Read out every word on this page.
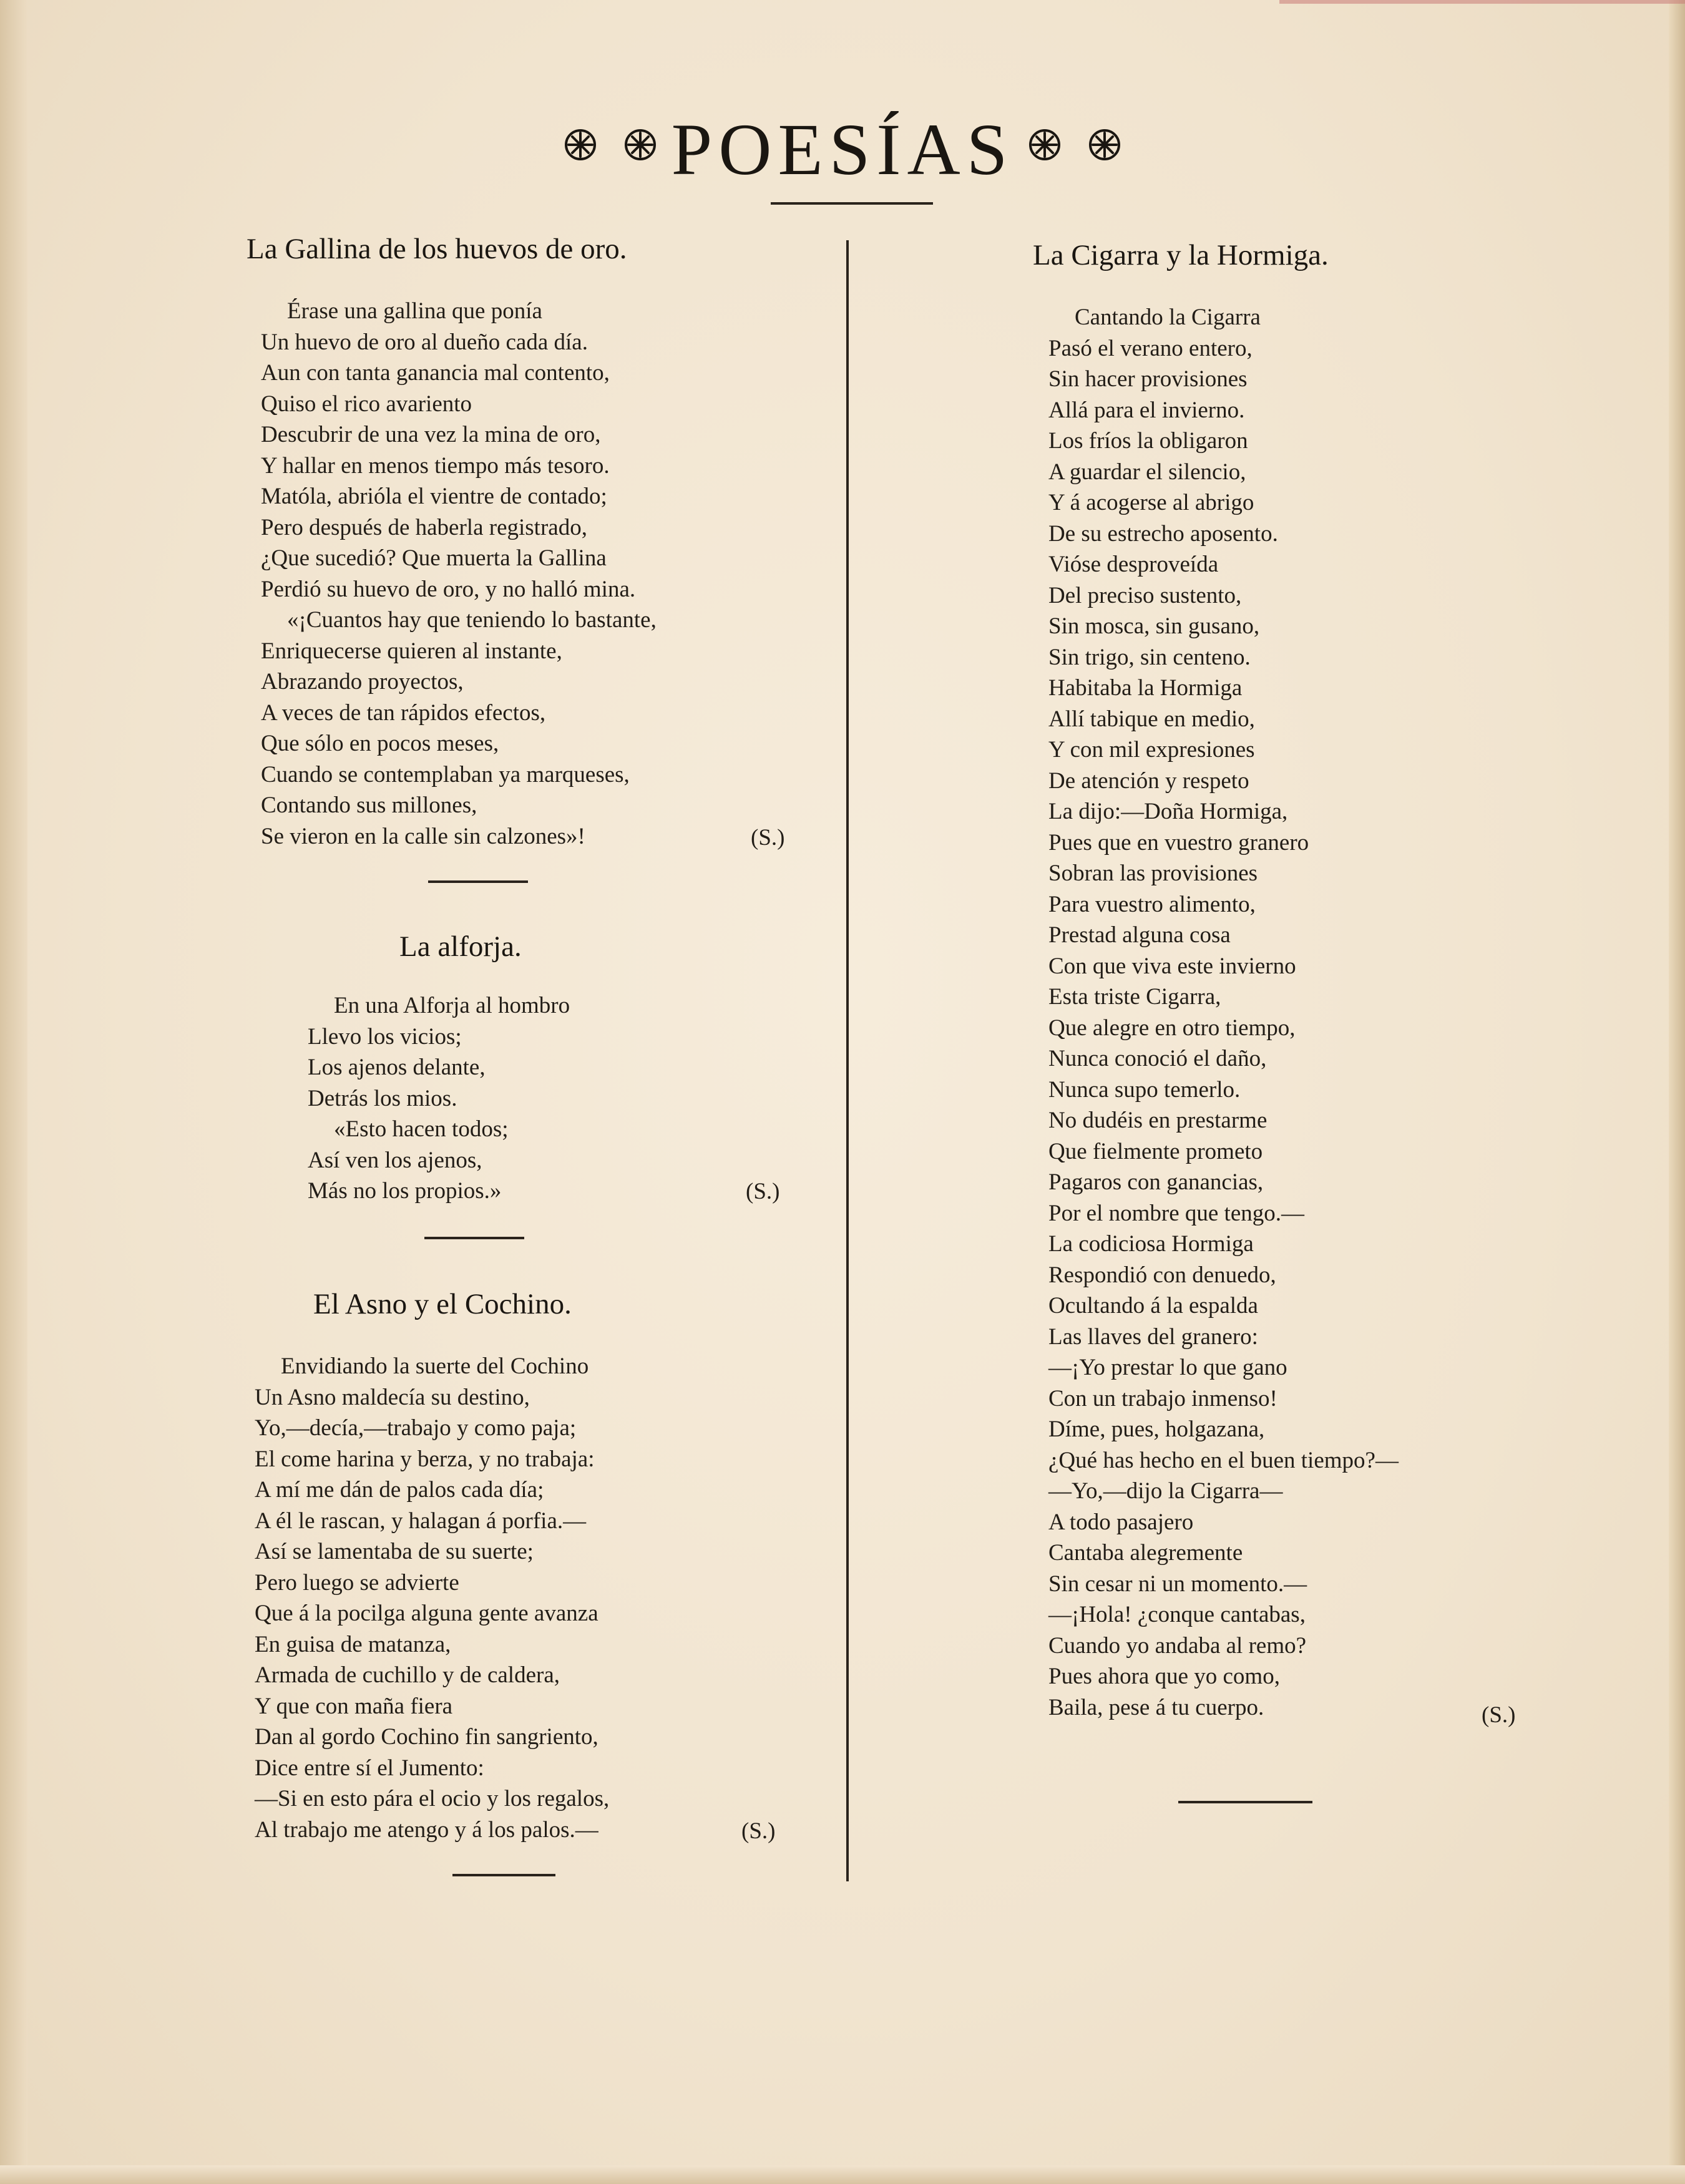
POESÍAS
La Gallina de los huevos de oro.
Érase una gallina que ponía
Un huevo de oro al dueño cada día.
Aun con tanta ganancia mal contento,
Quiso el rico avariento
Descubrir de una vez la mina de oro,
Y hallar en menos tiempo más tesoro.
Matóla, abrióla el vientre de contado;
Pero después de haberla registrado,
¿Que sucedió? Que muerta la Gallina
Perdió su huevo de oro, y no halló mina.
«¡Cuantos hay que teniendo lo bastante,
Enriquecerse quieren al instante,
Abrazando proyectos,
A veces de tan rápidos efectos,
Que sólo en pocos meses,
Cuando se contemplaban ya marqueses,
Contando sus millones,
Se vieron en la calle sin calzones»!	(S.)
La alforja.
En una Alforja al hombro
Llevo los vicios;
Los ajenos delante,
Detrás los mios.
«Esto hacen todos;
Así ven los ajenos,
Más no los propios.»	(S.)
El Asno y el Cochino.
Envidiando la suerte del Cochino
Un Asno maldecía su destino,
Yo,—decía,—trabajo y como paja;
El come harina y berza, y no trabaja:
A mí me dán de palos cada día;
A él le rascan, y halagan á porfia.—
Así se lamentaba de su suerte;
Pero luego se advierte
Que á la pocilga alguna gente avanza
En guisa de matanza,
Armada de cuchillo y de caldera,
Y que con maña fiera
Dan al gordo Cochino fin sangriento,
Dice entre sí el Jumento:
—Si en esto pára el ocio y los regalos,
Al trabajo me atengo y á los palos.—	(S.)
La Cigarra y la Hormiga.
Cantando la Cigarra
Pasó el verano entero,
Sin hacer provisiones
Allá para el invierno.
Los fríos la obligaron
A guardar el silencio,
Y á acogerse al abrigo
De su estrecho aposento.
Vióse desproveída
Del preciso sustento,
Sin mosca, sin gusano,
Sin trigo, sin centeno.
Habitaba la Hormiga
Allí tabique en medio,
Y con mil expresiones
De atención y respeto
La dijo:—Doña Hormiga,
Pues que en vuestro granero
Sobran las provisiones
Para vuestro alimento,
Prestad alguna cosa
Con que viva este invierno
Esta triste Cigarra,
Que alegre en otro tiempo,
Nunca conoció el daño,
Nunca supo temerlo.
No dudéis en prestarme
Que fielmente prometo
Pagaros con ganancias,
Por el nombre que tengo.—
La codiciosa Hormiga
Respondió con denuedo,
Ocultando á la espalda
Las llaves del granero:
—¡Yo prestar lo que gano
Con un trabajo inmenso!
Díme, pues, holgazana,
¿Qué has hecho en el buen tiempo?—
—Yo,—dijo la Cigarra—
A todo pasajero
Cantaba alegremente
Sin cesar ni un momento.—
—¡Hola! ¿conque cantabas,
Cuando yo andaba al remo?
Pues ahora que yo como,
Baila, pese á tu cuerpo.	(S.)
